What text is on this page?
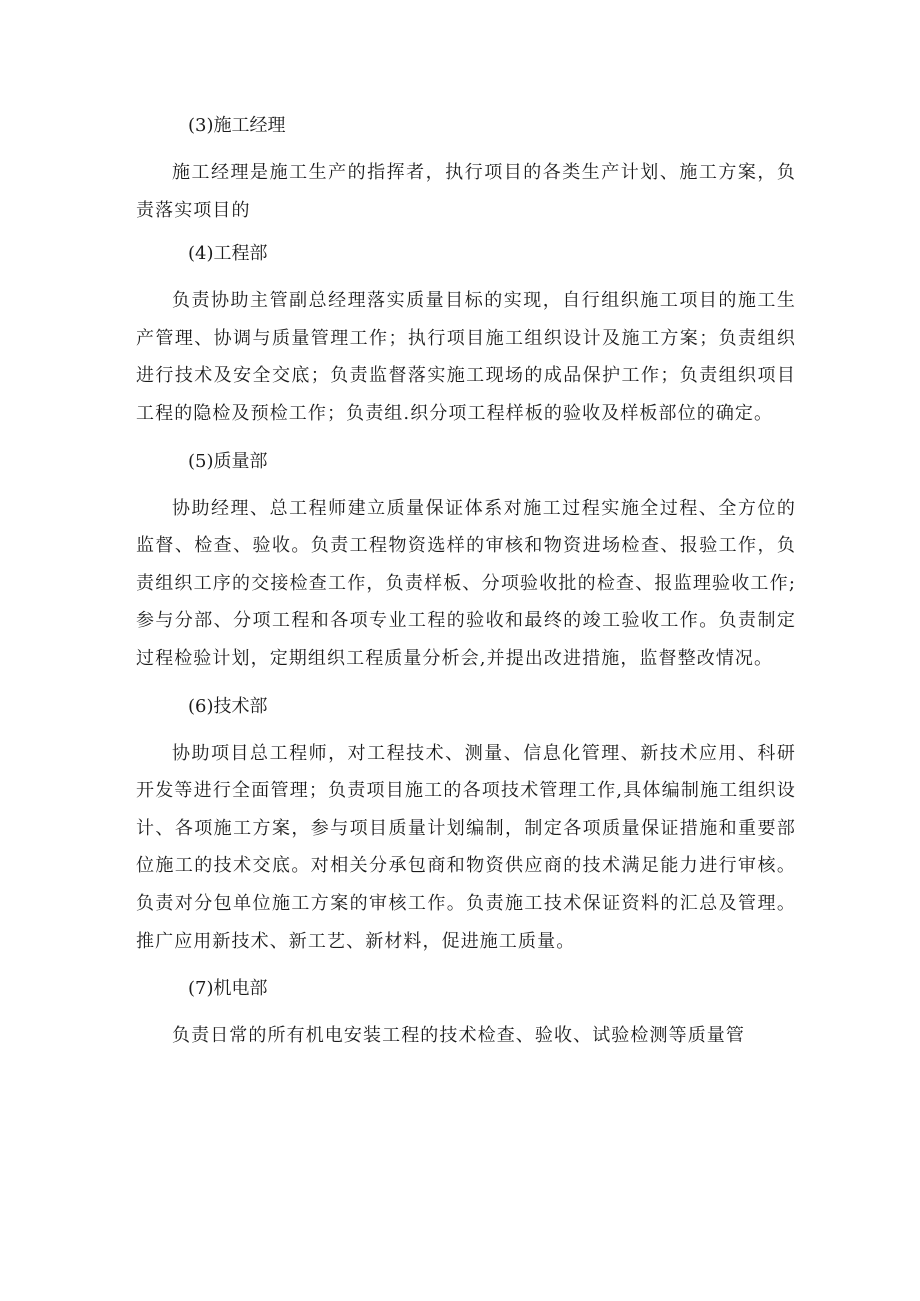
(3)施工经理

施工经理是施工生产的指挥者，执行项目的各类生产计划、施工方案，负责落实项目的

(4)工程部

负责协助主管副总经理落实质量目标的实现，自行组织施工项目的施工生产管理、协调与质量管理工作；执行项目施工组织设计及施工方案；负责组织进行技术及安全交底；负责监督落实施工现场的成品保护工作；负责组织项目工程的隐检及预检工作；负责组.织分项工程样板的验收及样板部位的确定。

(5)质量部

协助经理、总工程师建立质量保证体系对施工过程实施全过程、全方位的监督、检查、验收。负责工程物资选样的审核和物资进场检查、报验工作，负责组织工序的交接检查工作，负责样板、分项验收批的检查、报监理验收工作;参与分部、分项工程和各项专业工程的验收和最终的竣工验收工作。负责制定过程检验计划，定期组织工程质量分析会,并提出改进措施，监督整改情况。

(6)技术部

协助项目总工程师，对工程技术、测量、信息化管理、新技术应用、科研开发等进行全面管理；负责项目施工的各项技术管理工作,具体编制施工组织设计、各项施工方案，参与项目质量计划编制，制定各项质量保证措施和重要部位施工的技术交底。对相关分承包商和物资供应商的技术满足能力进行审核。负责对分包单位施工方案的审核工作。负责施工技术保证资料的汇总及管理。推广应用新技术、新工艺、新材料，促进施工质量。

(7)机电部

负责日常的所有机电安装工程的技术检查、验收、试验检测等质量管
